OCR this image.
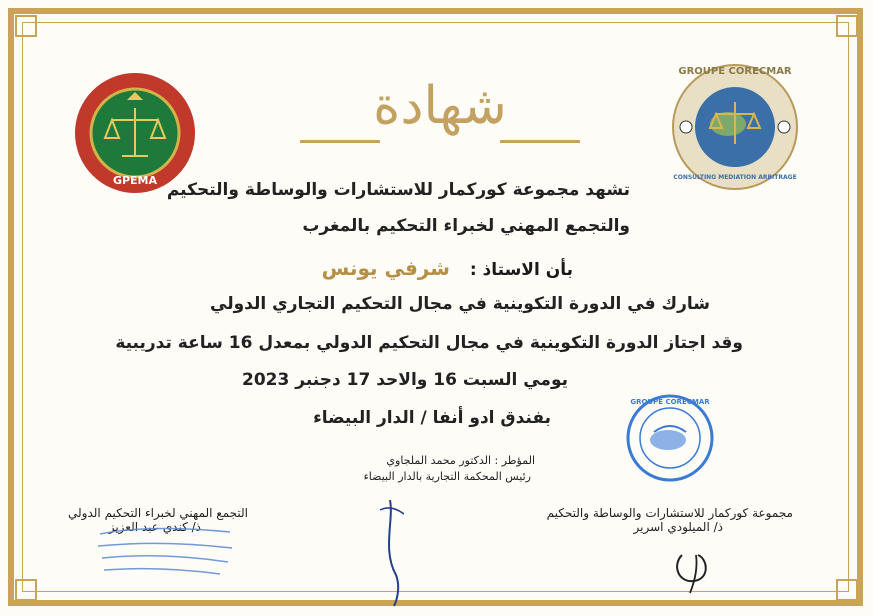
GPEMA
GROUPE CORECMAR
CONSULTING MEDIATION ARBITRAGE
شهادة
تشهد مجموعة كوركمار للاستشارات والوساطة والتحكيم
والتجمع المهني لخبراء التحكيم بالمغرب
بأن الاستاذ : شرفي يونس
شارك في الدورة التكوينية في مجال التحكيم التجاري الدولي
وقد اجتاز الدورة التكوينية في مجال التحكيم الدولي بمعدل 16 ساعة تدريبية
يومي السبت 16 والاحد 17 دجنبر 2023
بفندق ادو أنفا / الدار البيضاء
GROUPE CORECMAR
المؤطر : الدكتور محمد الملجاوي
رئيس المحكمة التجارية بالدار البيضاء
التجمع المهني لخبراء التحكيم الدولي
ذ/ كندي عبد العزيز
مجموعة كوركمار للاستشارات والوساطة والتحكيم
ذ/ الميلودي اسرير
